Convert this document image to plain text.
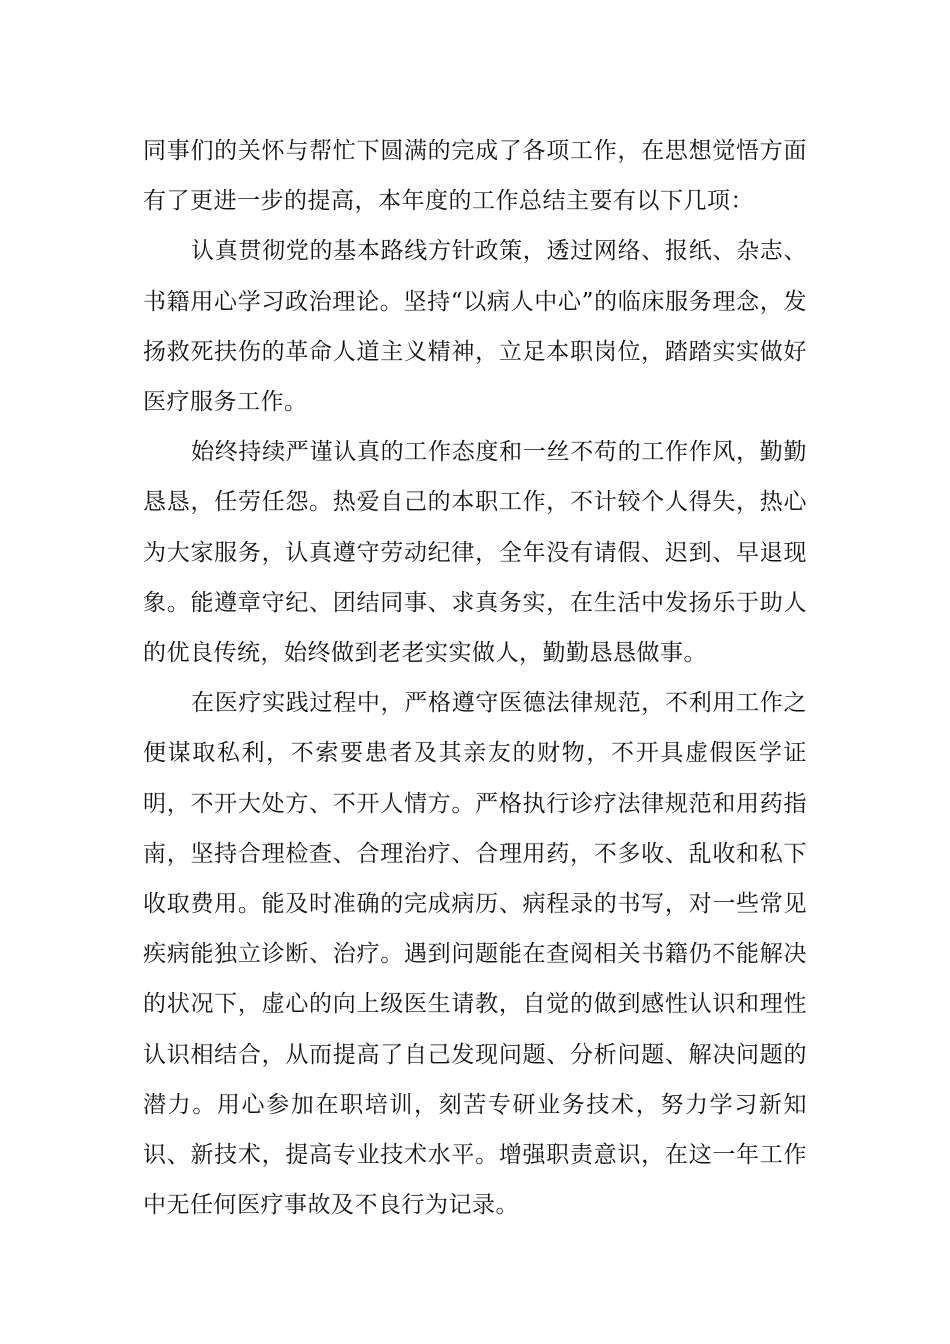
同事们的关怀与帮忙下圆满的完成了各项工作，在思想觉悟方面有了更进一步的提高，本年度的工作总结主要有以下几项：

认真贯彻党的基本路线方针政策，透过网络、报纸、杂志、书籍用心学习政治理论。坚持“以病人中心”的临床服务理念，发扬救死扶伤的革命人道主义精神，立足本职岗位，踏踏实实做好医疗服务工作。

始终持续严谨认真的工作态度和一丝不苟的工作作风，勤勤恳恳，任劳任怨。热爱自己的本职工作，不计较个人得失，热心为大家服务，认真遵守劳动纪律，全年没有请假、迟到、早退现象。能遵章守纪、团结同事、求真务实，在生活中发扬乐于助人的优良传统，始终做到老老实实做人，勤勤恳恳做事。

在医疗实践过程中，严格遵守医德法律规范，不利用工作之便谋取私利，不索要患者及其亲友的财物，不开具虚假医学证明，不开大处方、不开人情方。严格执行诊疗法律规范和用药指南，坚持合理检查、合理治疗、合理用药，不多收、乱收和私下收取费用。能及时准确的完成病历、病程录的书写，对一些常见疾病能独立诊断、治疗。遇到问题能在查阅相关书籍仍不能解决的状况下，虚心的向上级医生请教，自觉的做到感性认识和理性认识相结合，从而提高了自己发现问题、分析问题、解决问题的潜力。用心参加在职培训，刻苦专研业务技术，努力学习新知识、新技术，提高专业技术水平。增强职责意识，在这一年工作中无任何医疗事故及不良行为记录。
